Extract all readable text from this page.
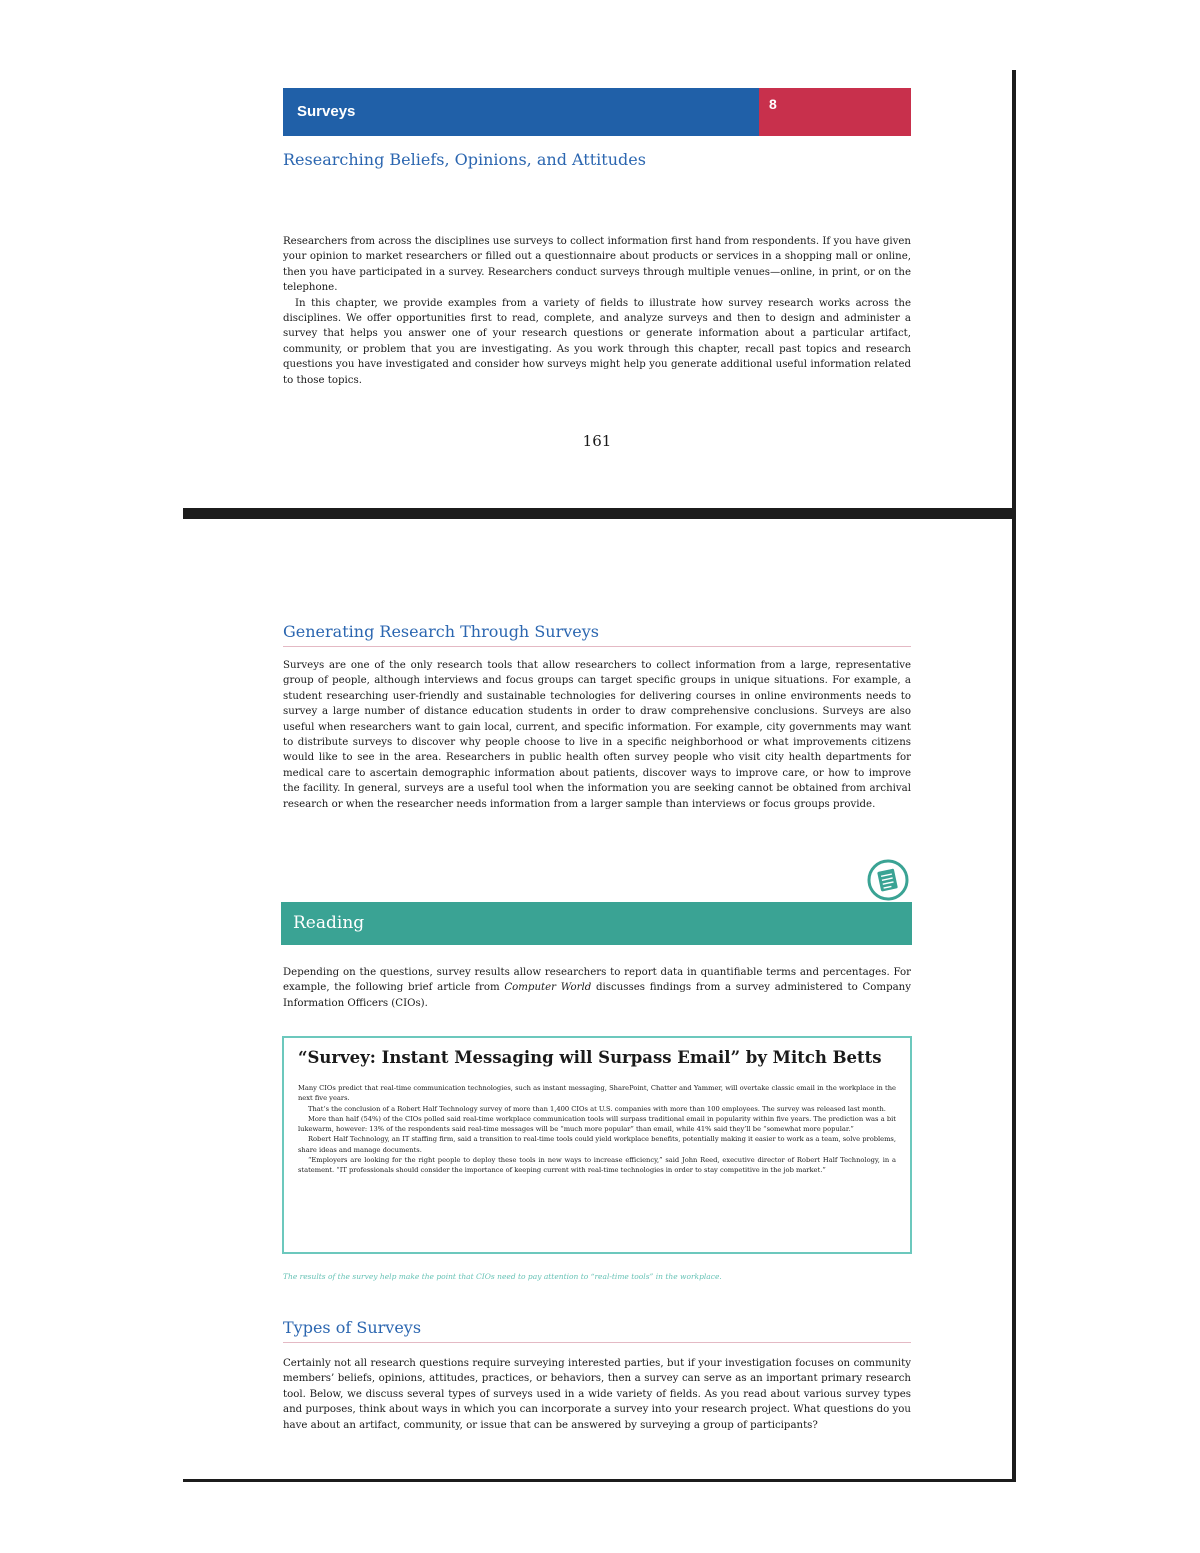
Surveys	8
Researching Beliefs, Opinions, and Attitudes

Researchers from across the disciplines use surveys to collect information first hand from respondents. If you have given your opinion to market researchers or filled out a questionnaire about products or services in a shopping mall or online, then you have participated in a survey. Researchers conduct surveys through multiple venues—online, in print, or on the telephone.

In this chapter, we provide examples from a variety of fields to illustrate how survey research works across the disciplines. We offer opportunities first to read, complete, and analyze surveys and then to design and administer a survey that helps you answer one of your research questions or generate information about a particular artifact, community, or problem that you are investigating. As you work through this chapter, recall past topics and research questions you have investigated and consider how surveys might help you generate additional useful information related to those topics.

161
Generating Research Through Surveys

Surveys are one of the only research tools that allow researchers to collect information from a large, representative group of people, although interviews and focus groups can target specific groups in unique situations. For example, a student researching user-friendly and sustainable technologies for delivering courses in online environments needs to survey a large number of distance education students in order to draw comprehensive conclusions. Surveys are also useful when researchers want to gain local, current, and specific information. For example, city governments may want to distribute surveys to discover why people choose to live in a specific neighborhood or what improvements citizens would like to see in the area. Researchers in public health often survey people who visit city health departments for medical care to ascertain demographic information about patients, discover ways to improve care, or how to improve the facility. In general, surveys are a useful tool when the information you are seeking cannot be obtained from archival research or when the researcher needs information from a larger sample than interviews or focus groups provide.

Reading

Depending on the questions, survey results allow researchers to report data in quantifiable terms and percentages. For example, the following brief article from Computer World discusses findings from a survey administered to Company Information Officers (CIOs).

“Survey: Instant Messaging will Surpass Email” by Mitch Betts

Many CIOs predict that real-time communication technologies, such as instant messaging, SharePoint, Chatter and Yammer, will overtake classic email in the workplace in the next five years.

That’s the conclusion of a Robert Half Technology survey of more than 1,400 CIOs at U.S. companies with more than 100 employees. The survey was released last month.

More than half (54%) of the CIOs polled said real-time workplace communication tools will surpass traditional email in popularity within five years. The prediction was a bit lukewarm, however: 13% of the respondents said real-time messages will be “much more popular” than email, while 41% said they’ll be “somewhat more popular.”

Robert Half Technology, an IT staffing firm, said a transition to real-time tools could yield workplace benefits, potentially making it easier to work as a team, solve problems, share ideas and manage documents.

“Employers are looking for the right people to deploy these tools in new ways to increase efficiency,” said John Reed, executive director of Robert Half Technology, in a statement. “IT professionals should consider the importance of keeping current with real-time technologies in order to stay competitive in the job market.”

The results of the survey help make the point that CIOs need to pay attention to “real-time tools” in the workplace.

Types of Surveys

Certainly not all research questions require surveying interested parties, but if your investigation focuses on community members’ beliefs, opinions, attitudes, practices, or behaviors, then a survey can serve as an important primary research tool. Below, we discuss several types of surveys used in a wide variety of fields. As you read about various survey types and purposes, think about ways in which you can incorporate a survey into your research project. What questions do you have about an artifact, community, or issue that can be answered by surveying a group of participants?
